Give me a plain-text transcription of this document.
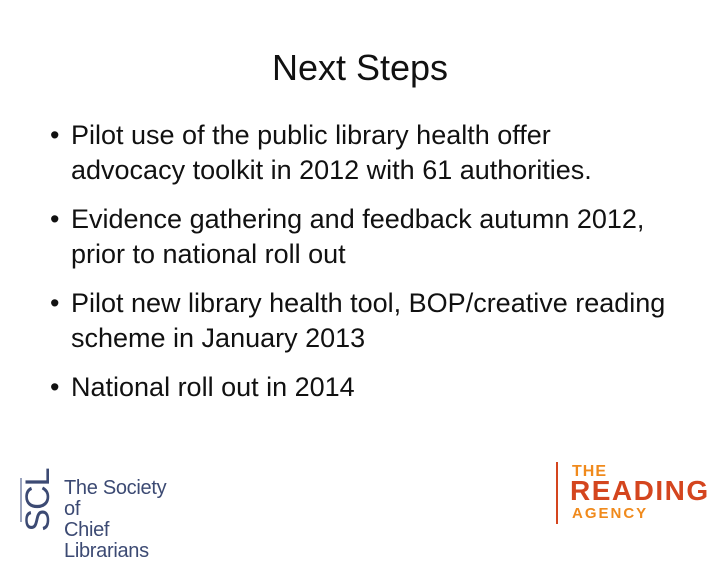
Next Steps
• Pilot use of the public library health offer advocacy toolkit in 2012 with 61 authorities.
• Evidence gathering and feedback autumn 2012, prior to national roll out
• Pilot new library health tool, BOP/creative reading scheme in January 2013
• National roll out in 2014
SCL The Society of
Chief Librarians
THE
READING
AGENCY
